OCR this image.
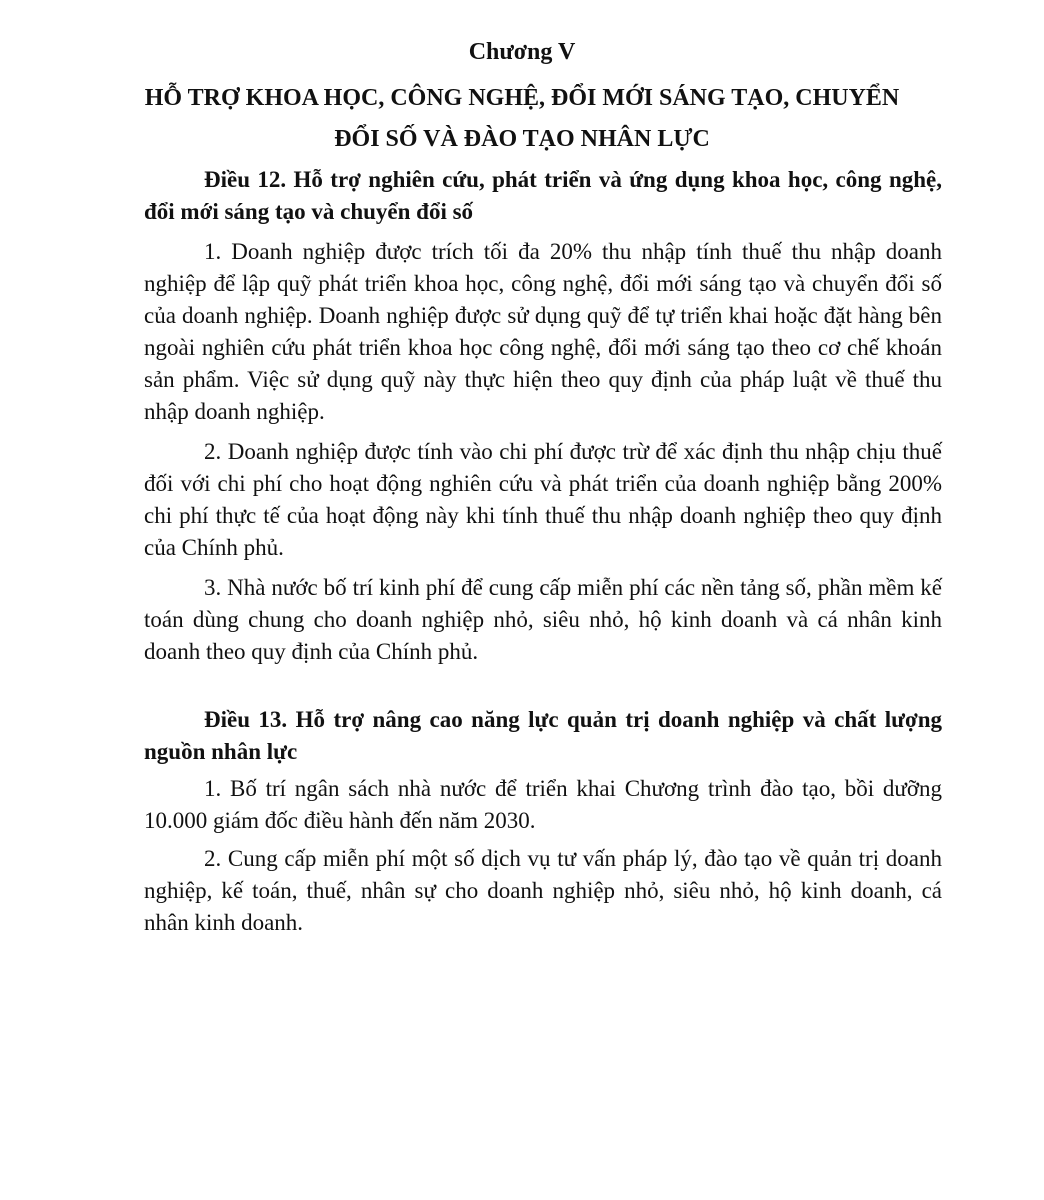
Chương V
HỖ TRỢ KHOA HỌC, CÔNG NGHỆ, ĐỔI MỚI SÁNG TẠO, CHUYỂN ĐỔI SỐ VÀ ĐÀO TẠO NHÂN LỰC

Điều 12. Hỗ trợ nghiên cứu, phát triển và ứng dụng khoa học, công nghệ, đổi mới sáng tạo và chuyển đổi số

1. Doanh nghiệp được trích tối đa 20% thu nhập tính thuế thu nhập doanh nghiệp để lập quỹ phát triển khoa học, công nghệ, đổi mới sáng tạo và chuyển đổi số của doanh nghiệp. Doanh nghiệp được sử dụng quỹ để tự triển khai hoặc đặt hàng bên ngoài nghiên cứu phát triển khoa học công nghệ, đổi mới sáng tạo theo cơ chế khoán sản phẩm. Việc sử dụng quỹ này thực hiện theo quy định của pháp luật về thuế thu nhập doanh nghiệp.

2. Doanh nghiệp được tính vào chi phí được trừ để xác định thu nhập chịu thuế đối với chi phí cho hoạt động nghiên cứu và phát triển của doanh nghiệp bằng 200% chi phí thực tế của hoạt động này khi tính thuế thu nhập doanh nghiệp theo quy định của Chính phủ.

3. Nhà nước bố trí kinh phí để cung cấp miễn phí các nền tảng số, phần mềm kế toán dùng chung cho doanh nghiệp nhỏ, siêu nhỏ, hộ kinh doanh và cá nhân kinh doanh theo quy định của Chính phủ.

Điều 13. Hỗ trợ nâng cao năng lực quản trị doanh nghiệp và chất lượng nguồn nhân lực

1. Bố trí ngân sách nhà nước để triển khai Chương trình đào tạo, bồi dưỡng 10.000 giám đốc điều hành đến năm 2030.

2. Cung cấp miễn phí một số dịch vụ tư vấn pháp lý, đào tạo về quản trị doanh nghiệp, kế toán, thuế, nhân sự cho doanh nghiệp nhỏ, siêu nhỏ, hộ kinh doanh, cá nhân kinh doanh.
